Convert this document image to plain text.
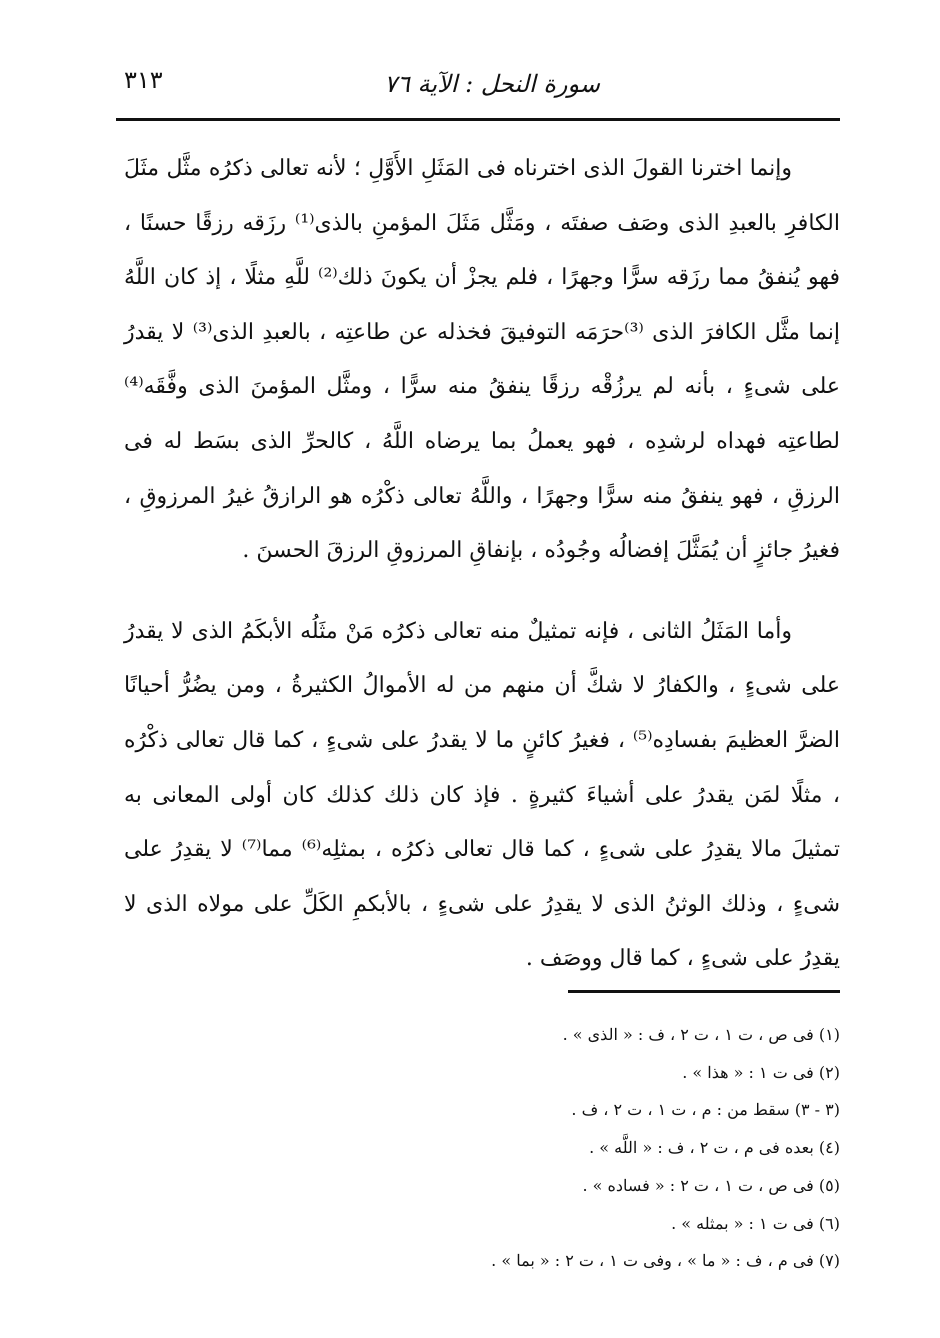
سورة النحل : الآية ٧٦
٣١٣

وإنما اخترنا القولَ الذى اخترناه فى المَثَلِ الأَوَّلِ ؛ لأنه تعالى ذكرُه مثَّل مثَلَ الكافرِ بالعبدِ الذى وصَف صفتَه ، ومَثَّل مَثَلَ المؤمنِ بالذى⁽¹⁾ رزَقه رزقًا حسنًا ، فهو يُنفقُ مما رزَقه سرًّا وجهرًا ، فلم يجزْ أن يكونَ ذلك⁽²⁾ للَّهِ مثلًا ، إذ كان اللَّهُ إنما مثَّل الكافرَ الذى ⁽³⁾حرَمَه التوفيقَ فخذله عن طاعتِه ، بالعبدِ الذى⁽³⁾ لا يقدرُ على شىءٍ ، بأنه لم يرزُقْه رزقًا ينفقُ منه سرًّا ، ومثَّل المؤمنَ الذى وفَّقَه⁽⁴⁾ لطاعتِه فهداه لرشدِه ، فهو يعملُ بما يرضاه اللَّهُ ، كالحرِّ الذى بسَط له فى الرزقِ ، فهو ينفقُ منه سرًّا وجهرًا ، واللَّهُ تعالى ذكْرُه هو الرازقُ غيرُ المرزوقِ ، فغيرُ جائزٍ أن يُمَثَّلَ إفضالُه وجُودُه ، بإنفاقِ المرزوقِ الرزقَ الحسنَ .

وأما المَثَلُ الثانى ، فإنه تمثيلٌ منه تعالى ذكرُه مَنْ مثَلُه الأبكَمُ الذى لا يقدرُ على شىءٍ ، والكفارُ لا شكَّ أن منهم من له الأموالُ الكثيرةُ ، ومن يضُرُّ أحيانًا الضرَّ العظيمَ بفسادِه⁽⁵⁾ ، فغيرُ كائنٍ ما لا يقدرُ على شىءٍ ، كما قال تعالى ذكْرُه ، مثلًا لمَن يقدرُ على أشياءَ كثيرةٍ . فإذ كان ذلك كذلك كان أولى المعانى به تمثيلَ مالا يقدِرُ على شىءٍ ، كما قال تعالى ذكرُه ، بمثلِه⁽⁶⁾ مما⁽⁷⁾ لا يقدِرُ على شىءٍ ، وذلك الوثنُ الذى لا يقدِرُ على شىءٍ ، بالأبكمِ الكَلِّ على مولاه الذى لا يقدِرُ على شىءٍ ، كما قال ووصَف .

(١) فى ص ، ت ١ ، ت ٢ ، ف : « الذى » .
(٢) فى ت ١ : « هذا » .
(٣ - ٣) سقط من : م ، ت ١ ، ت ٢ ، ف .
(٤) بعده فى م ، ت ٢ ، ف : « اللَّه » .
(٥) فى ص ، ت ١ ، ت ٢ : « فساده » .
(٦) فى ت ١ : « بمثله » .
(٧) فى م ، ف : « ما » ، وفى ت ١ ، ت ٢ : « بما » .
